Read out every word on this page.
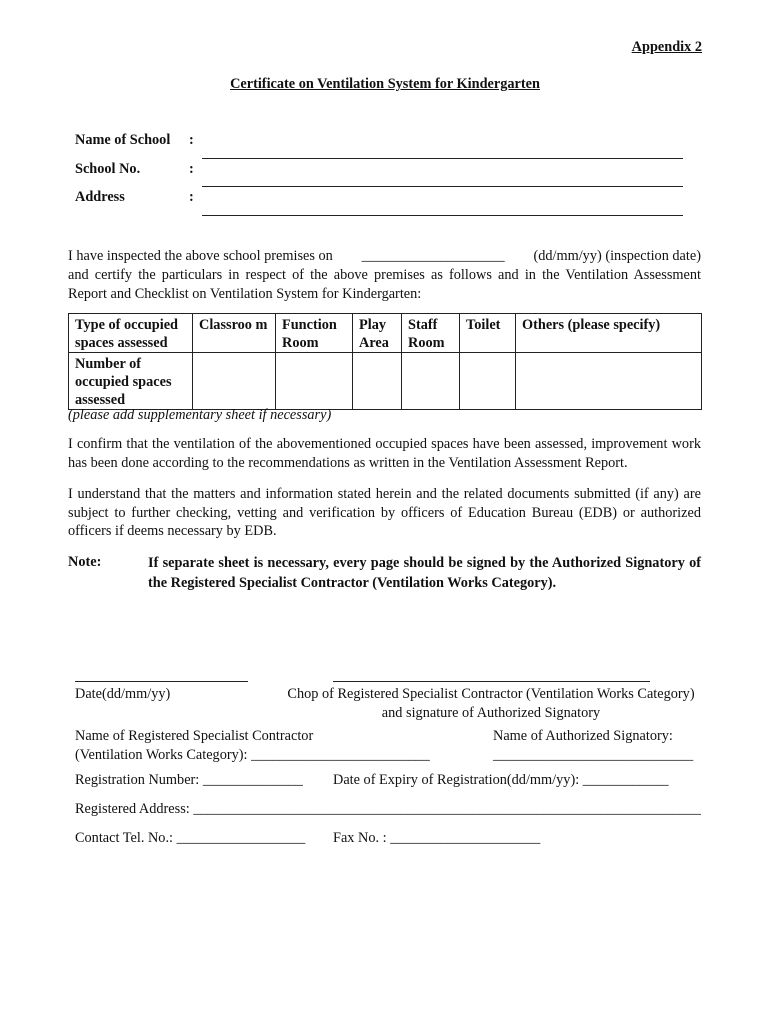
Appendix 2
Certificate on Ventilation System for Kindergarten
Name of School :
School No.	:
Address	:
I have inspected the above school premises on ____________________ (dd/mm/yy) (inspection date)
and certify the particulars in respect of the above premises as follows and in the Ventilation Assessment Report and Checklist on Ventilation System for Kindergarten:
Type of occupied spaces assessed	Classroo m	Function Room	Play Area	Staff Room	Toilet	Others (please specify)
Number of occupied spaces assessed						
(please add supplementary sheet if necessary)
I confirm that the ventilation of the abovementioned occupied spaces have been assessed, improvement work has been done according to the recommendations as written in the Ventilation Assessment Report.
I understand that the matters and information stated herein and the related documents submitted (if any) are subject to further checking, vetting and verification by officers of Education Bureau (EDB) or authorized officers if deems necessary by EDB.
Note:	If separate sheet is necessary, every page should be signed by the Authorized Signatory of the Registered Specialist Contractor (Ventilation Works Category).
Date(dd/mm/yy)	Chop of Registered Specialist Contractor (Ventilation Works Category)
and signature of Authorized Signatory
Name of Registered Specialist Contractor
(Ventilation Works Category): _________________________
Name of Authorized Signatory:
____________________________
Registration Number: ______________ Date of Expiry of Registration(dd/mm/yy): ____________
Registered Address: _______________________________________________________________________
Contact Tel. No.: __________________ Fax No. : _____________________
